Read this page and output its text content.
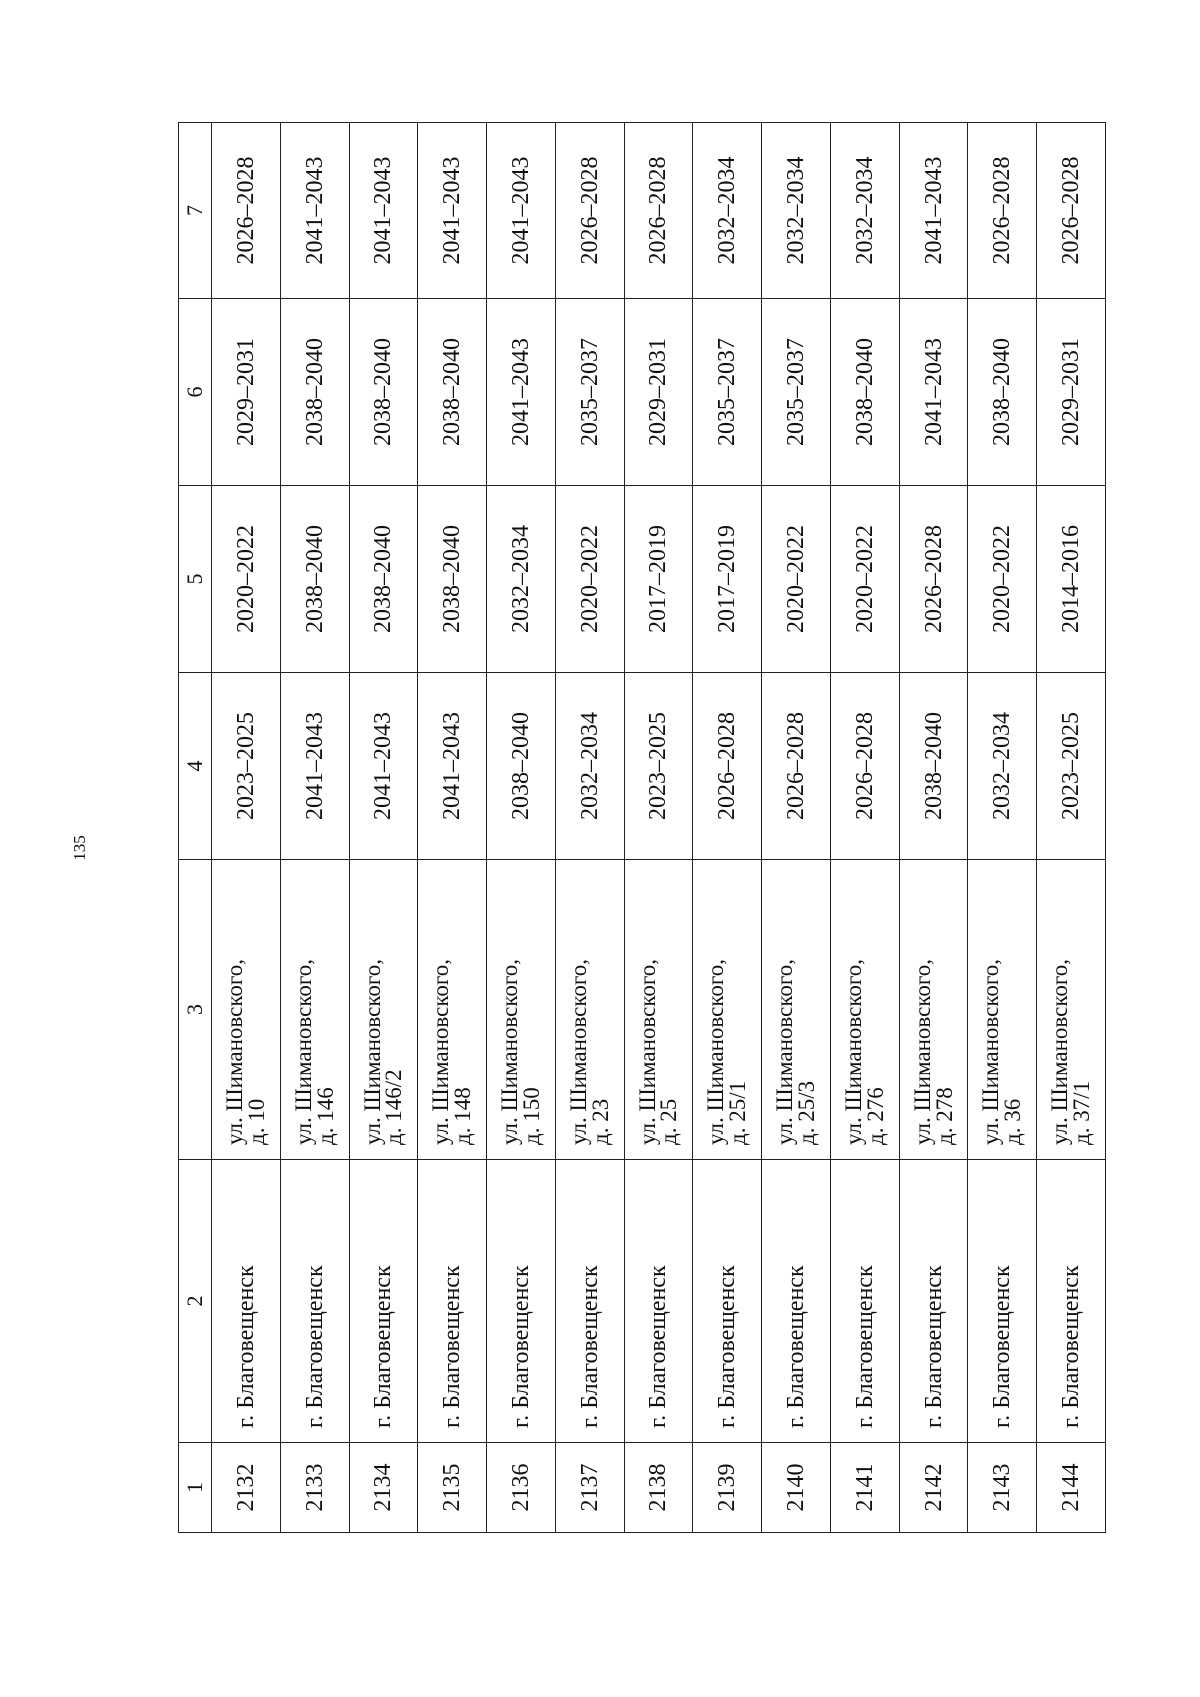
135
1	2	3	4	5	6	7
2132	г. Благовещенск	ул. Шимановского,
д. 10	2023–2025	2020–2022	2029–2031	2026–2028
2133	г. Благовещенск	ул. Шимановского,
д. 146	2041–2043	2038–2040	2038–2040	2041–2043
2134	г. Благовещенск	ул. Шимановского,
д. 146/2	2041–2043	2038–2040	2038–2040	2041–2043
2135	г. Благовещенск	ул. Шимановского,
д. 148	2041–2043	2038–2040	2038–2040	2041–2043
2136	г. Благовещенск	ул. Шимановского,
д. 150	2038–2040	2032–2034	2041–2043	2041–2043
2137	г. Благовещенск	ул. Шимановского,
д. 23	2032–2034	2020–2022	2035–2037	2026–2028
2138	г. Благовещенск	ул. Шимановского,
д. 25	2023–2025	2017–2019	2029–2031	2026–2028
2139	г. Благовещенск	ул. Шимановского,
д. 25/1	2026–2028	2017–2019	2035–2037	2032–2034
2140	г. Благовещенск	ул. Шимановского,
д. 25/3	2026–2028	2020–2022	2035–2037	2032–2034
2141	г. Благовещенск	ул. Шимановского,
д. 276	2026–2028	2020–2022	2038–2040	2032–2034
2142	г. Благовещенск	ул. Шимановского,
д. 278	2038–2040	2026–2028	2041–2043	2041–2043
2143	г. Благовещенск	ул. Шимановского,
д. 36	2032–2034	2020–2022	2038–2040	2026–2028
2144	г. Благовещенск	ул. Шимановского,
д. 37/1	2023–2025	2014–2016	2029–2031	2026–2028
